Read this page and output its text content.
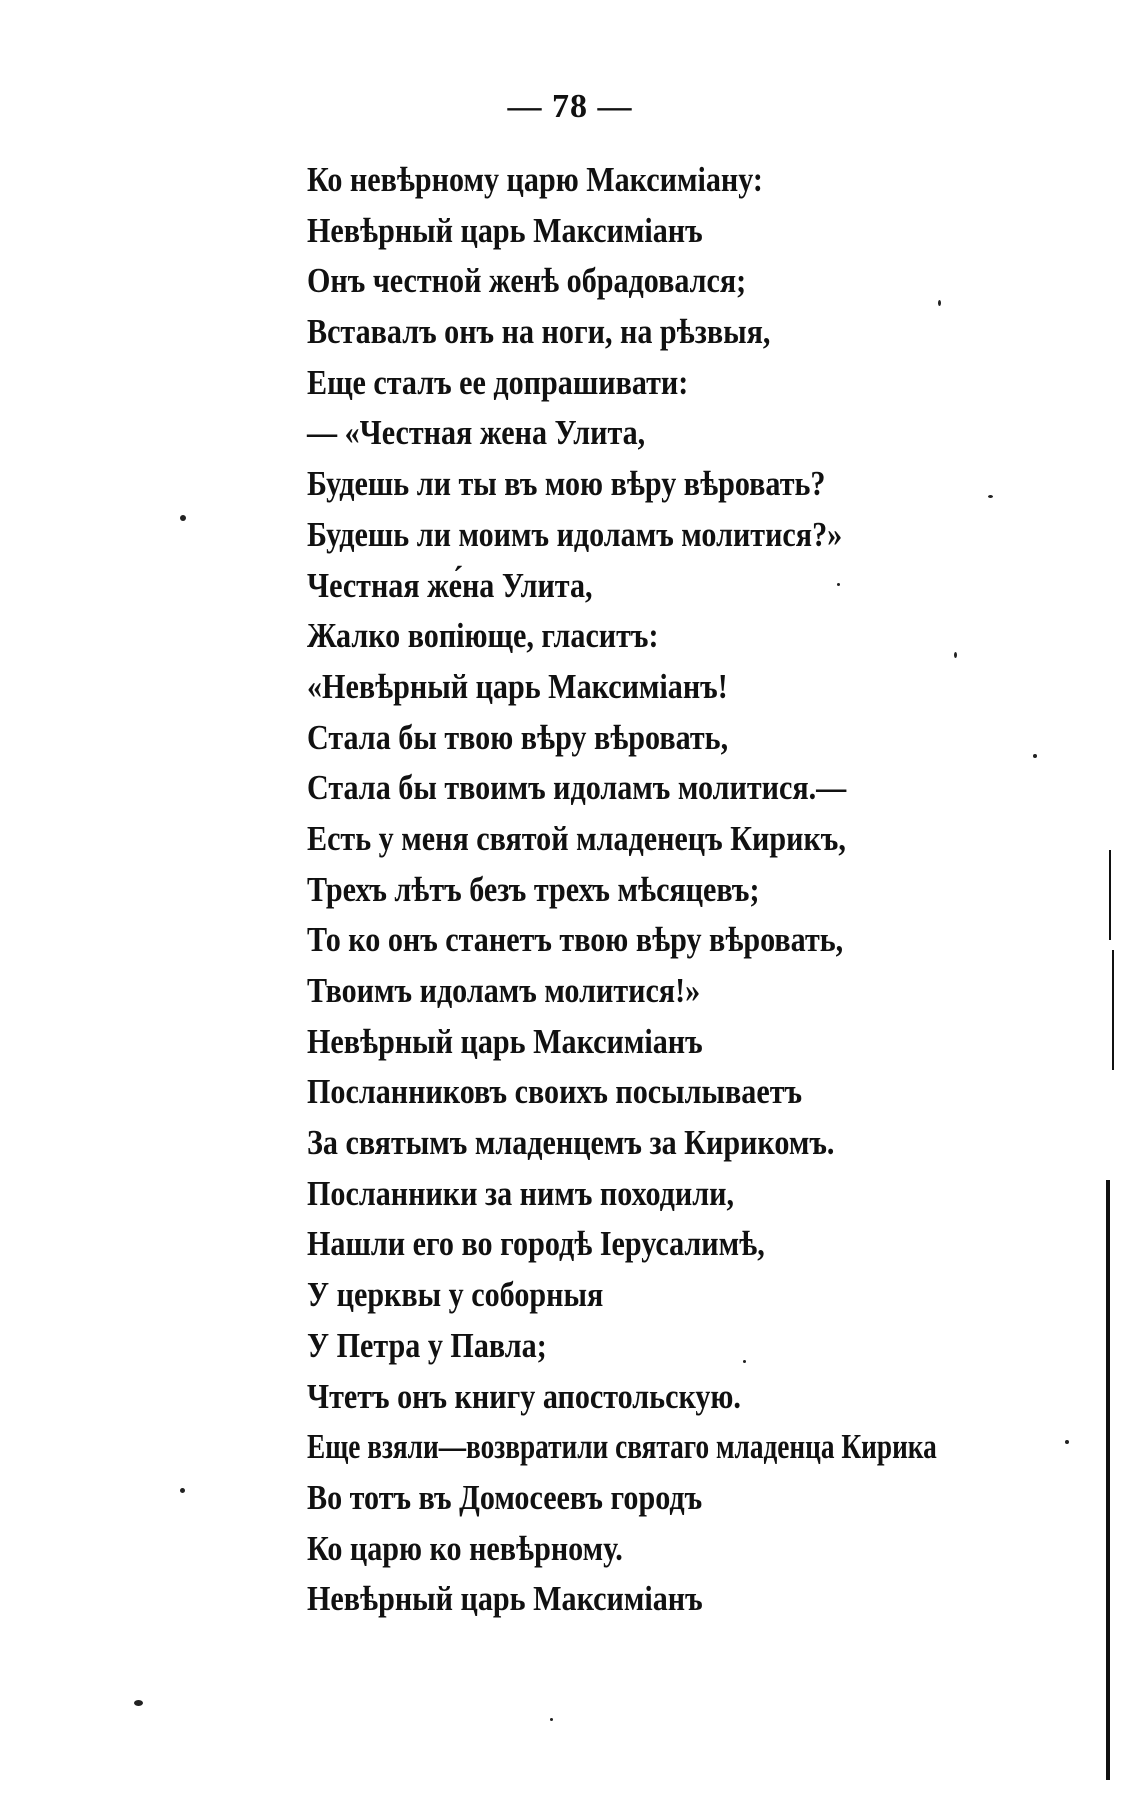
— 78 —
Ко невѣрному царю Максиміану:
Невѣрный царь Максиміанъ
Онъ честной женѣ обрадовался;
Вставалъ онъ на ноги, на рѣзвыя,
Еще сталъ ее допрашивати:
— «Честная жена Улита,
Будешь ли ты въ мою вѣру вѣровать?
Будешь ли моимъ идоламъ молитися?»
Честная же́на Улита,
Жалко вопіюще, гласитъ:
«Невѣрный царь Максиміанъ!
Стала бы твою вѣру вѣровать,
Стала бы твоимъ идоламъ молитися.—
Есть у меня святой младенецъ Кирикъ,
Трехъ лѣтъ безъ трехъ мѣсяцевъ;
То ко онъ станетъ твою вѣру вѣровать,
Твоимъ идоламъ молитися!»
Невѣрный царь Максиміанъ
Посланниковъ своихъ посылываетъ
За святымъ младенцемъ за Кирикомъ.
Посланники за нимъ походили,
Нашли его во городѣ Іерусалимѣ,
У церквы у соборныя
У Петра у Павла;
Чтетъ онъ книгу апостольскую.
Еще взяли—возвратили святаго младенца Кирика
Во тотъ въ Домосеевъ городъ
Ко царю ко невѣрному.
Невѣрный царь Максиміанъ
